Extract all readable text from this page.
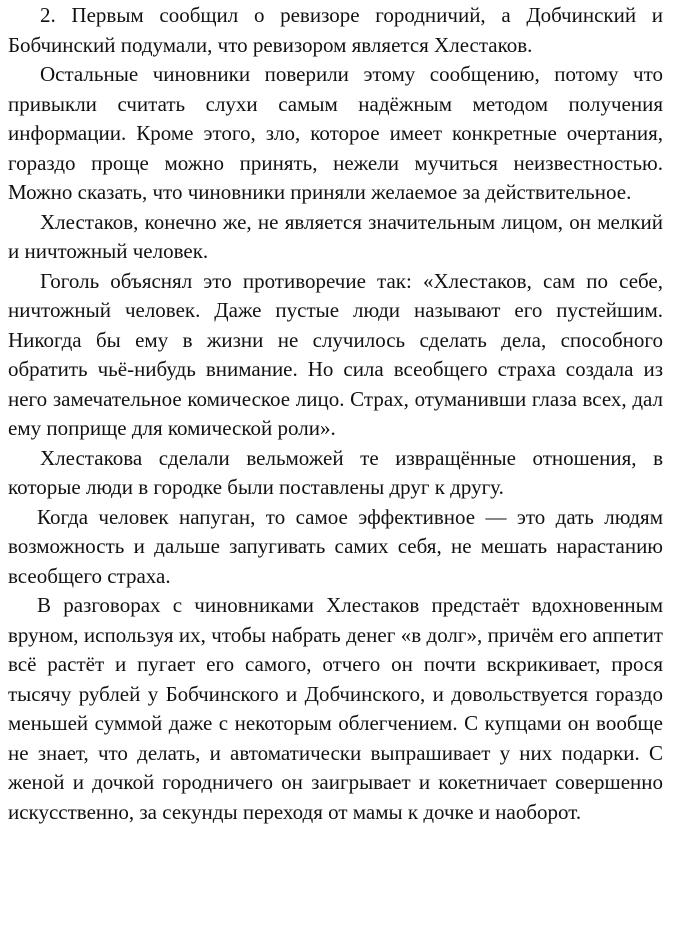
2. Первым сообщил о ревизоре городничий, а Добчинский и Бобчинский подумали, что ревизором является Хлестаков.

Остальные чиновники поверили этому сообщению, потому что привыкли считать слухи самым надёжным методом получения информации. Кроме этого, зло, которое имеет конкретные очертания, гораздо проще можно принять, нежели мучиться неизвестностью. Можно сказать, что чиновники приняли желаемое за действительное.

Хлестаков, конечно же, не является значительным лицом, он мелкий и ничтожный человек.

Гоголь объяснял это противоречие так: «Хлестаков, сам по себе, ничтожный человек. Даже пустые люди называют его пустейшим. Никогда бы ему в жизни не случилось сделать дела, способного обратить чьё-нибудь внимание. Но сила всеобщего страха создала из него замечательное комическое лицо. Страх, отуманивши глаза всех, дал ему поприще для комической роли».

Хлестакова сделали вельможей те извращённые отношения, в которые люди в городке были поставлены друг к другу.

Когда человек напуган, то самое эффективное — это дать людям возможность и дальше запугивать самих себя, не мешать нарастанию всеобщего страха.

В разговорах с чиновниками Хлестаков предстаёт вдохновенным вруном, используя их, чтобы набрать денег «в долг», причём его аппетит всё растёт и пугает его самого, отчего он почти вскрикивает, прося тысячу рублей у Бобчинского и Добчинского, и довольствуется гораздо меньшей суммой даже с некоторым облегчением. С купцами он вообще не знает, что делать, и автоматически выпрашивает у них подарки. С женой и дочкой городничего он заигрывает и кокетничает совершенно искусственно, за секунды переходя от мамы к дочке и наоборот.
